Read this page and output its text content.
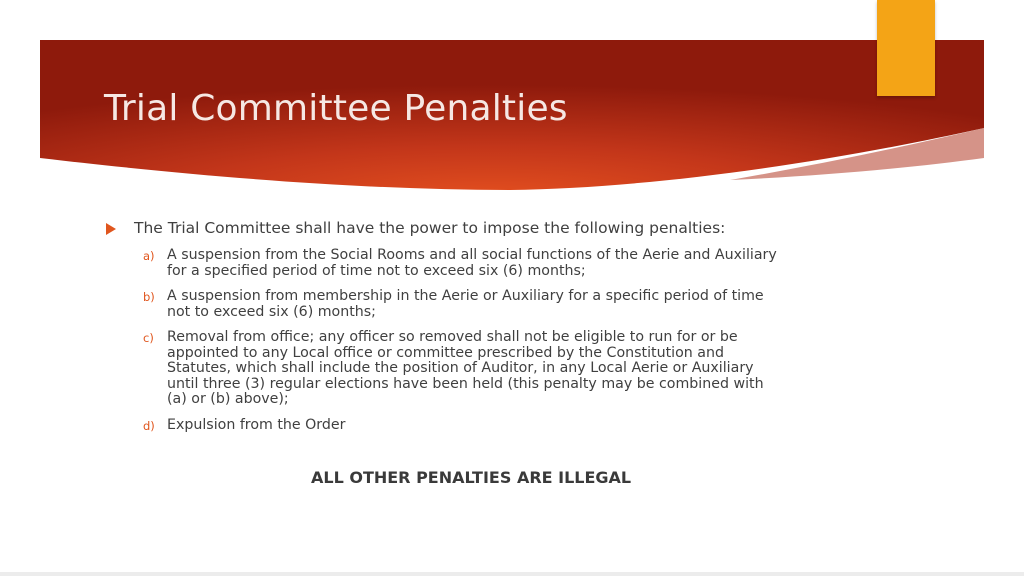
Trial Committee Penalties
The Trial Committee shall have the power to impose the following penalties:
a) A suspension from the Social Rooms and all social functions of the Aerie and Auxiliary
for a specified period of time not to exceed six (6) months;
b) A suspension from membership in the Aerie or Auxiliary for a specific period of time
not to exceed six (6) months;
c) Removal from office; any officer so removed shall not be eligible to run for or be
appointed to any Local office or committee prescribed by the Constitution and
Statutes, which shall include the position of Auditor, in any Local Aerie or Auxiliary
until three (3) regular elections have been held (this penalty may be combined with
(a) or (b) above);
d) Expulsion from the Order
ALL OTHER PENALTIES ARE ILLEGAL
